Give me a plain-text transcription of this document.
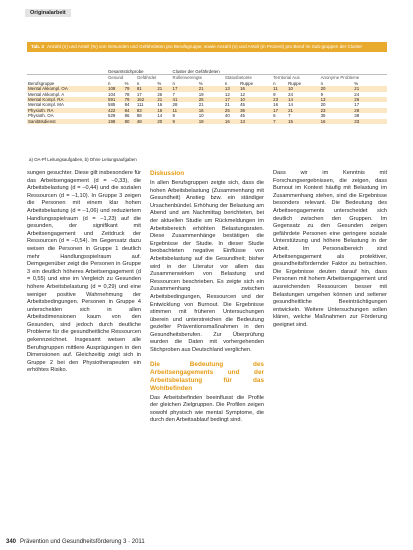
Originalarbeit
Tab. 3 Anzahl (n) und Anteil (%) von Gesunden und Gefährdeten pro Berufsgruppe, sowie Anzahl (n) und Anteil (in Prozent) pro Beruf im Sub-gruppen der Cluster
	Gesamtstichprobe				Cluster der Gefährdeten							
	Gesund		Gefährdet		Rollenverengte		Statusbetonte		Territorial Aus		Anonyme Probleme	
Berufsgruppe	n	%	n	%	n	%	n	Ruppe	n	Ruppe	n	%
Mental Akkompl. OA	108	79	81	21	17	21	13	16	11	10	20	21
Mental Akkompl. A	104	78	17	26	7	19	12	12	9	24	9	24
Mental Kompl. RA	591	79	162	21	41	25	17	10	23	14	13	26
Mental Kompl. MA	585	84	111	16	28	21	21	45	16	14	20	17
Physioth. RA	422	84	83	16	11	16	25	36	17	21	23	28
Physioth. OA	529	86	88	14	9	10	40	45	6	7	35	38
Sanitätsdienst	198	80	48	20	9	19	16	13	7	15	16	33
a) OA-Pf Leitungsaufgaben, b) Ohne Leitungsaufgaben

sungen gesuchter. Diese gilt insbesondere für das Arbeitsengagement (d = –0,33), die Arbeitsbelastung (d = –0,44) und die sozialen Ressourcen (d = –1,10). In Gruppe 3 zeigen die Personen mit einem klar hohen Arbeitsbelastung (d = –1,06) und reduziertem Handlungsspielraum (d = –1,23) auf die gesunden, der signifikant mit Arbeitsengagement und Zeitdruck der Ressourcen (d = –0,54). Im Gegensatz dazu weisen die Personen in Gruppe 1 deutlich mehr Handlungsspielraum auf. Demgegenüber zeigt die Personen in Gruppe 3 ein deutlich höheres Arbeitsengagement (d = 0,55) und eine im Vergleich zu Gesunden höhere Arbeitsbelastung (d = 0,29) und eine weniger positive Wahrnehmung der Arbeitsbedingungen. Personen in Gruppe 4 unterscheiden sich in allen Arbeitsdimensionen kaum von den Gesunden, sind jedoch durch deutliche Probleme für die gesundheitliche Ressourcen gekennzeichnet. Insgesamt weisen alle Berufsgruppen mittlere Ausprägungen in den Dimensionen auf. Gleichzeitig zeigt sich in Gruppe 2 bei den Physiotherapeuten ein erhöhtes Risiko.

Diskussion

In allen Berufsgruppen zeigte sich, dass die hohen Arbeitsbelastung (Zusammenhang mit Gesundheit) Anstieg bzw. ein ständiger Ursachenbündel. Erhöhung der Belastung am Abend und am Nachmittag berichteten, bei der aktuellen Studie um Rückmeldungen im Arbeitsbereich erhöhten Belastungsraten. Diese Zusammenhänge bestätigen die Ergebnisse der Studie. In dieser Studie beobachteten negative Einflüsse von Arbeitsbelastung auf die Gesundheit; bisher wird in der Literatur vor allem das Zusammenwirken von Belastung und Ressourcen beschrieben. Es zeigte sich ein Zusammenhang zwischen Arbeitsbedingungen, Ressourcen und der Entwicklung von Burnout. Die Ergebnisse stimmen mit früheren Untersuchungen überein und unterstreichen die Bedeutung gezielter Präventionsmaßnahmen in den Gesundheitsberufen. Zur Überprüfung wurden die Daten mit vorhergehenden Stichproben aus Deutschland verglichen.

Die Bedeutung des Arbeitsengagements und der Arbeitsbelastung für das Wohlbefinden

Das Arbeitsbefinden beeinflusst die Profile der gleichen Zielgruppen. Die Profilen zeigen sowohl physisch wie mental Symptome, die durch den Arbeitsablauf bedingt sind.

Dass wir im Kenntnis mit Forschungsergebnissen, die zeigen, dass Burnout im Kontext häufig mit Belastung im Zusammenhang stehen, sind die Ergebnisse besonders relevant. Die Bedeutung des Arbeitsengagements unterscheidet sich deutlich zwischen den Gruppen. Im Gegensatz zu den Gesunden zeigen gefährdete Personen eine geringere soziale Unterstützung und höhere Belastung in der Arbeit. Im Personalbereich sind Arbeitsengagement als protektiver, gesundheitsfördernder Faktor zu betrachten. Die Ergebnisse deuten darauf hin, dass Personen mit hohem Arbeitsengagement und ausreichenden Ressourcen besser mit Belastungen umgehen können und seltener gesundheitliche Beeinträchtigungen entwickeln. Weitere Untersuchungen sollen klären, welche Maßnahmen zur Förderung geeignet sind.

340 Prävention und Gesundheitsförderung 3 · 2011
